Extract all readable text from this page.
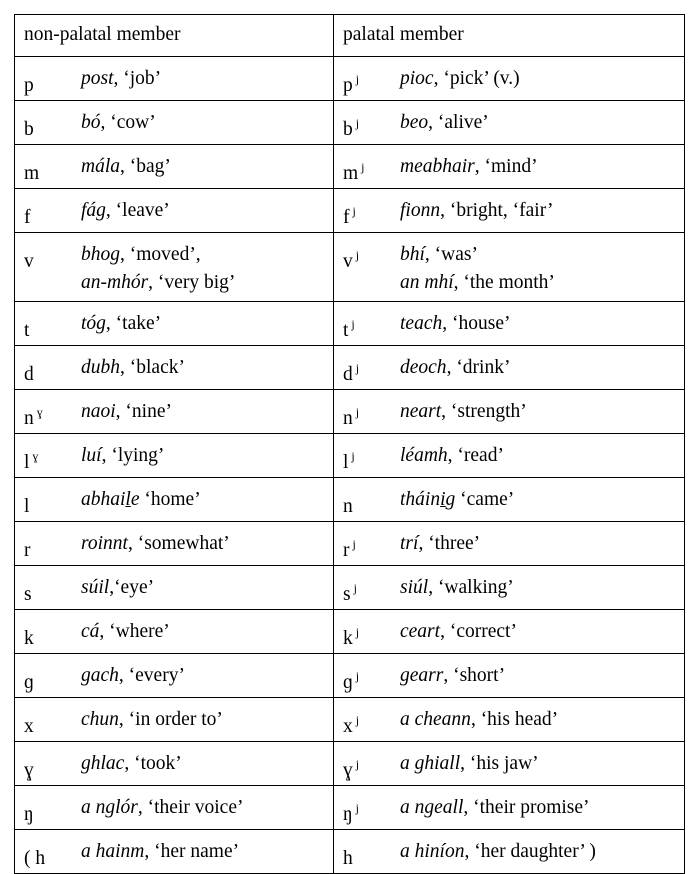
non-palatal member	palatal member

p post, ‘job’	p $^j$ pioc, ‘pick’ (v.)

b bó, ‘cow’	b $^j$ beo, ‘alive’

m mála, ‘bag’	m $^j$ meabhair, ‘mind’

f fág, ‘leave’	f $^j$ fionn, ‘bright, ‘fair’

v bhog, ‘moved’,
an-mhór, ‘very big’	v $^j$ bhí, ‘was’
an mhí, ‘the month’

t tóg, ‘take’	t $^j$ teach, ‘house’

d dubh, ‘black’	d $^j$ deoch, ‘drink’

n $^ɣ$ naoi, ‘nine’	n $^j$ neart, ‘strength’

l $^ɣ$ luí, ‘lying’	l $^j$ léamh, ‘read’

l abhaile ‘home’	n tháinig ‘came’

r roinnt, ‘somewhat’	r $^j$ trí, ‘three’

s súil,‘eye’	s $^j$ siúl, ‘walking’

k cá, ‘where’	k $^j$ ceart, ‘correct’

ɡ gach, ‘every’	ɡ $^j$ gearr, ‘short’

x chun, ‘in order to’	x $^j$ a cheann, ‘his head’

ɣ ghlac, ‘took’	ɣ $^j$ a ghiall, ‘his jaw’

ŋ a nglór, ‘their voice’	ŋ $^j$ a ngeall, ‘their promise’

( h a hainm, ‘her name’	h a hiníon, ‘her daughter’ )
